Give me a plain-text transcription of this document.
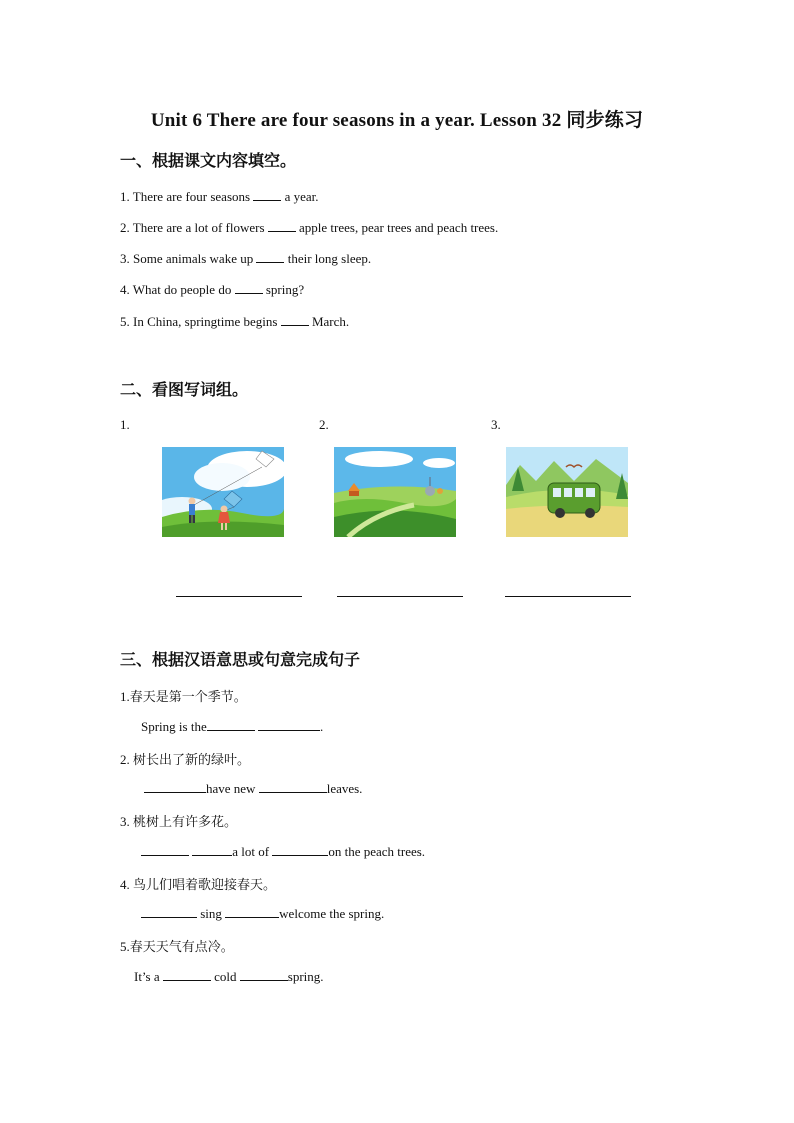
Unit 6 There are four seasons in a year. Lesson 32 同步练习
一、根据课文内容填空。
1. There are four seasons	a year.
2. There are a lot of flowers	apple trees, pear trees and peach trees.
3. Some animals wake up	their long sleep.
4. What do people do	spring?
5. In China, springtime begins	March.
二、看图写词组。
1.	2.	3.
三、根据汉语意思或句意完成句子
1.春天是第一个季节。
Spring is the	.
2. 树长出了新的绿叶。
have new	leaves.
3. 桃树上有许多花。
a lot of	on the peach trees.
4. 鸟儿们唱着歌迎接春天。
sing	welcome the spring.
5.春天天气有点冷。
It’s a	cold	spring.
